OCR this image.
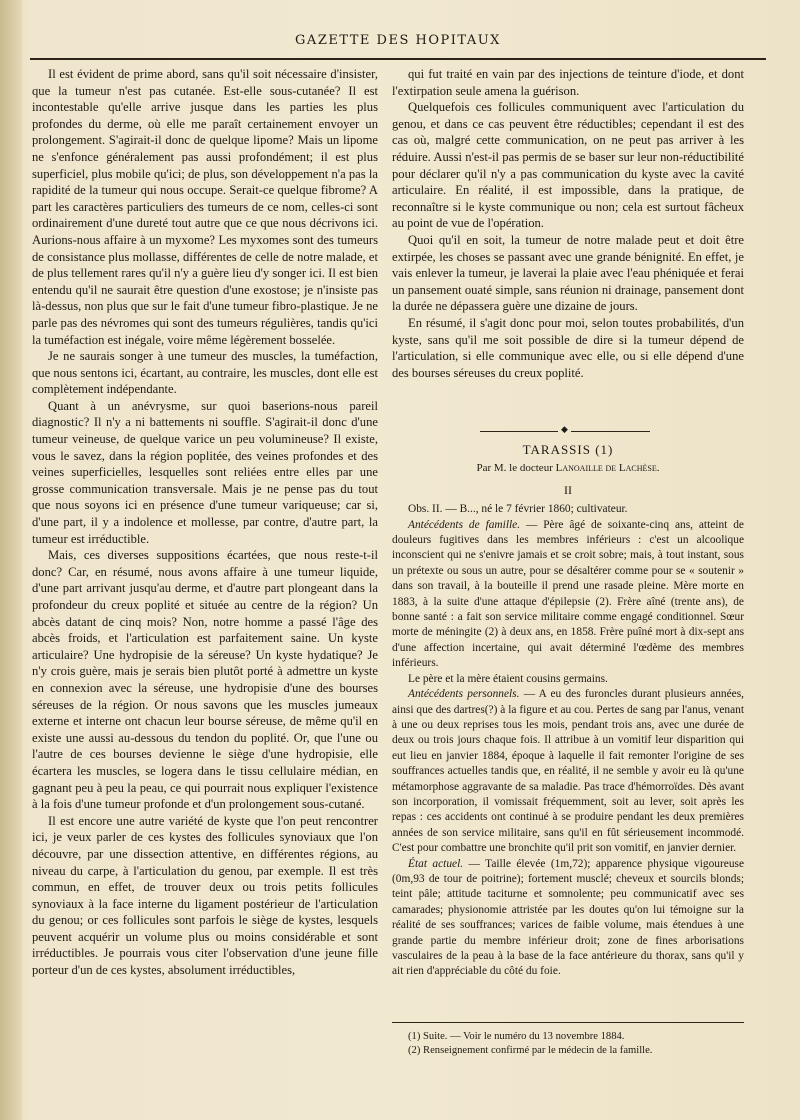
GAZETTE DES HOPITAUX

Il est évident de prime abord, sans qu'il soit nécessaire d'insister, que la tumeur n'est pas cutanée. Est-elle sous-cutanée? Il est incontestable qu'elle arrive jusque dans les parties les plus profondes du derme, où elle me paraît certainement envoyer un prolongement. S'agirait-il donc de quelque lipome? Mais un lipome ne s'enfonce généralement pas aussi profondément; il est plus superficiel, plus mobile qu'ici; de plus, son développement n'a pas la rapidité de la tumeur qui nous occupe. Serait-ce quelque fibrome? A part les caractères particuliers des tumeurs de ce nom, celles-ci sont ordinairement d'une dureté tout autre que ce que nous décrivons ici. Aurions-nous affaire à un myxome? Les myxomes sont des tumeurs de consistance plus mollasse, différentes de celle de notre malade, et de plus tellement rares qu'il n'y a guère lieu d'y songer ici. Il est bien entendu qu'il ne saurait être question d'une exostose; je n'insiste pas là-dessus, non plus que sur le fait d'une tumeur fibro-plastique. Je ne parle pas des névromes qui sont des tumeurs régulières, tandis qu'ici la tuméfaction est inégale, voire même légèrement bosselée.

Je ne saurais songer à une tumeur des muscles, la tuméfaction, que nous sentons ici, écartant, au contraire, les muscles, dont elle est complètement indépendante.

Quant à un anévrysme, sur quoi baserions-nous pareil diagnostic? Il n'y a ni battements ni souffle. S'agirait-il donc d'une tumeur veineuse, de quelque varice un peu volumineuse? Il existe, vous le savez, dans la région poplitée, des veines profondes et des veines superficielles, lesquelles sont reliées entre elles par une grosse communication transversale. Mais je ne pense pas du tout que nous soyons ici en présence d'une tumeur variqueuse; car si, d'une part, il y a indolence et mollesse, par contre, d'autre part, la tumeur est irréductible.

Mais, ces diverses suppositions écartées, que nous reste-t-il donc? Car, en résumé, nous avons affaire à une tumeur liquide, d'une part arrivant jusqu'au derme, et d'autre part plongeant dans la profondeur du creux poplité et située au centre de la région? Un abcès datant de cinq mois? Non, notre homme a passé l'âge des abcès froids, et l'articulation est parfaitement saine. Un kyste articulaire? Une hydropisie de la séreuse? Un kyste hydatique? Je n'y crois guère, mais je serais bien plutôt porté à admettre un kyste en connexion avec la séreuse, une hydropisie d'une des bourses séreuses de la région. Or nous savons que les muscles jumeaux externe et interne ont chacun leur bourse séreuse, de même qu'il en existe une aussi au-dessous du tendon du poplité. Or, que l'une ou l'autre de ces bourses devienne le siège d'une hydropisie, elle écartera les muscles, se logera dans le tissu cellulaire médian, en gagnant peu à peu la peau, ce qui pourrait nous expliquer l'existence à la fois d'une tumeur profonde et d'un prolongement sous-cutané.

Il est encore une autre variété de kyste que l'on peut rencontrer ici, je veux parler de ces kystes des follicules synoviaux que l'on découvre, par une dissection attentive, en différentes régions, au niveau du carpe, à l'articulation du genou, par exemple. Il est très commun, en effet, de trouver deux ou trois petits follicules synoviaux à la face interne du ligament postérieur de l'articulation du genou; or ces follicules sont parfois le siège de kystes, lesquels peuvent acquérir un volume plus ou moins considérable et sont irréductibles. Je pourrais vous citer l'observation d'une jeune fille porteur d'un de ces kystes, absolument irréductibles,

qui fut traité en vain par des injections de teinture d'iode, et dont l'extirpation seule amena la guérison.

Quelquefois ces follicules communiquent avec l'articulation du genou, et dans ce cas peuvent être réductibles; cependant il est des cas où, malgré cette communication, on ne peut pas arriver à les réduire. Aussi n'est-il pas permis de se baser sur leur non-réductibilité pour déclarer qu'il n'y a pas communication du kyste avec la cavité articulaire. En réalité, il est impossible, dans la pratique, de reconnaître si le kyste communique ou non; cela est surtout fâcheux au point de vue de l'opération.

Quoi qu'il en soit, la tumeur de notre malade peut et doit être extirpée, les choses se passant avec une grande bénignité. En effet, je vais enlever la tumeur, je laverai la plaie avec l'eau phéniquée et ferai un pansement ouaté simple, sans réunion ni drainage, pansement dont la durée ne dépassera guère une dizaine de jours.

En résumé, il s'agit donc pour moi, selon toutes probabilités, d'un kyste, sans qu'il me soit possible de dire si la tumeur dépend de l'articulation, si elle communique avec elle, ou si elle dépend d'une des bourses séreuses du creux poplité.

◆
TARASSIS (1)
Par M. le docteur Lanoaille de Lachèse.
II

Obs. II. — B..., né le 7 février 1860; cultivateur.

Antécédents de famille. — Père âgé de soixante-cinq ans, atteint de douleurs fugitives dans les membres inférieurs : c'est un alcoolique inconscient qui ne s'enivre jamais et se croit sobre; mais, à tout instant, sous un prétexte ou sous un autre, pour se désaltérer comme pour se « soutenir » dans son travail, à la bouteille il prend une rasade pleine. Mère morte en 1883, à la suite d'une attaque d'épilepsie (2). Frère aîné (trente ans), de bonne santé : a fait son service militaire comme engagé conditionnel. Sœur morte de méningite (2) à deux ans, en 1858. Frère puîné mort à dix-sept ans d'une affection incertaine, qui avait déterminé l'œdème des membres inférieurs.

Le père et la mère étaient cousins germains.

Antécédents personnels. — A eu des furoncles durant plusieurs années, ainsi que des dartres(?) à la figure et au cou. Pertes de sang par l'anus, venant à une ou deux reprises tous les mois, pendant trois ans, avec une durée de deux ou trois jours chaque fois. Il attribue à un vomitif leur disparition qui eut lieu en janvier 1884, époque à laquelle il fait remonter l'origine de ses souffrances actuelles tandis que, en réalité, il ne semble y avoir eu là qu'une métamorphose aggravante de sa maladie. Pas trace d'hémorroïdes. Dès avant son incorporation, il vomissait fréquemment, soit au lever, soit après les repas : ces accidents ont continué à se produire pendant les deux premières années de son service militaire, sans qu'il en fût sérieusement incommodé. C'est pour combattre une bronchite qu'il prit son vomitif, en janvier dernier.

État actuel. — Taille élevée (1m,72); apparence physique vigoureuse (0m,93 de tour de poitrine); fortement musclé; cheveux et sourcils blonds; teint pâle; attitude taciturne et somnolente; peu communicatif avec ses camarades; physionomie attristée par les doutes qu'on lui témoigne sur la réalité de ses souffrances; varices de faible volume, mais étendues à une grande partie du membre inférieur droit; zone de fines arborisations vasculaires de la peau à la base de la face antérieure du thorax, sans qu'il y ait rien d'appréciable du côté du foie.

(1) Suite. — Voir le numéro du 13 novembre 1884.

(2) Renseignement confirmé par le médecin de la famille.
